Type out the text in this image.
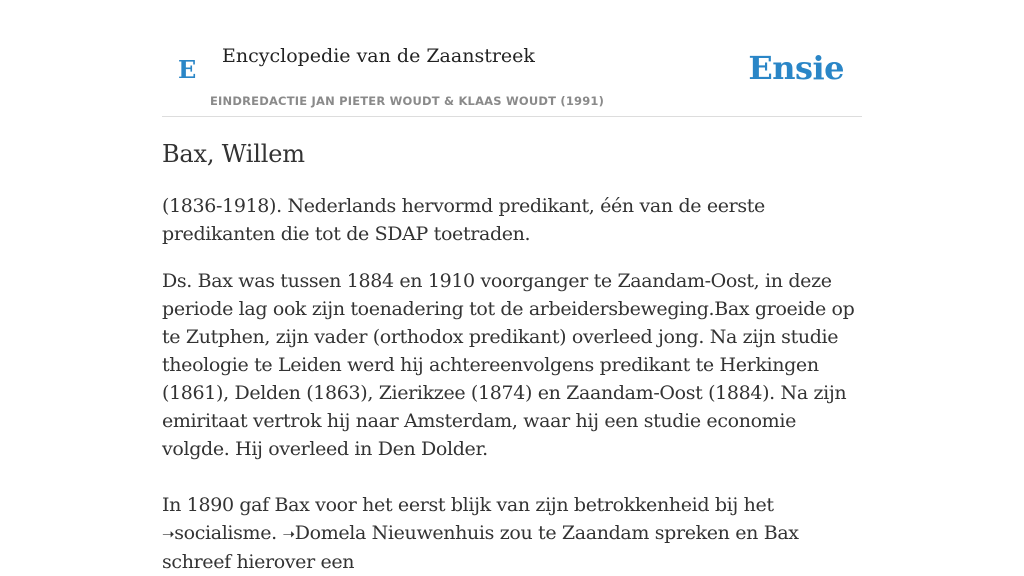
E Encyclopedie van de Zaanstreek
EINDREDACTIE JAN PIETER WOUDT & KLAAS WOUDT (1991)
Ensie
Bax, Willem

(1836-1918). Nederlands hervormd predikant, één van de eerste predikanten die tot de SDAP toetraden.

Ds. Bax was tussen 1884 en 1910 voorganger te Zaandam-Oost, in deze periode lag ook zijn toenadering tot de arbeidersbeweging.Bax groeide op te Zutphen, zijn vader (orthodox predikant) overleed jong. Na zijn studie theologie te Leiden werd hij achtereenvolgens predikant te Herkingen (1861), Delden (1863), Zierikzee (1874) en Zaandam-Oost (1884). Na zijn emiritaat vertrok hij naar Amsterdam, waar hij een studie economie volgde. Hij overleed in Den Dolder.

In 1890 gaf Bax voor het eerst blijk van zijn betrokkenheid bij het ➝socialisme. ➝Domela Nieuwenhuis zou te Zaandam spreken en Bax schreef hierover een
